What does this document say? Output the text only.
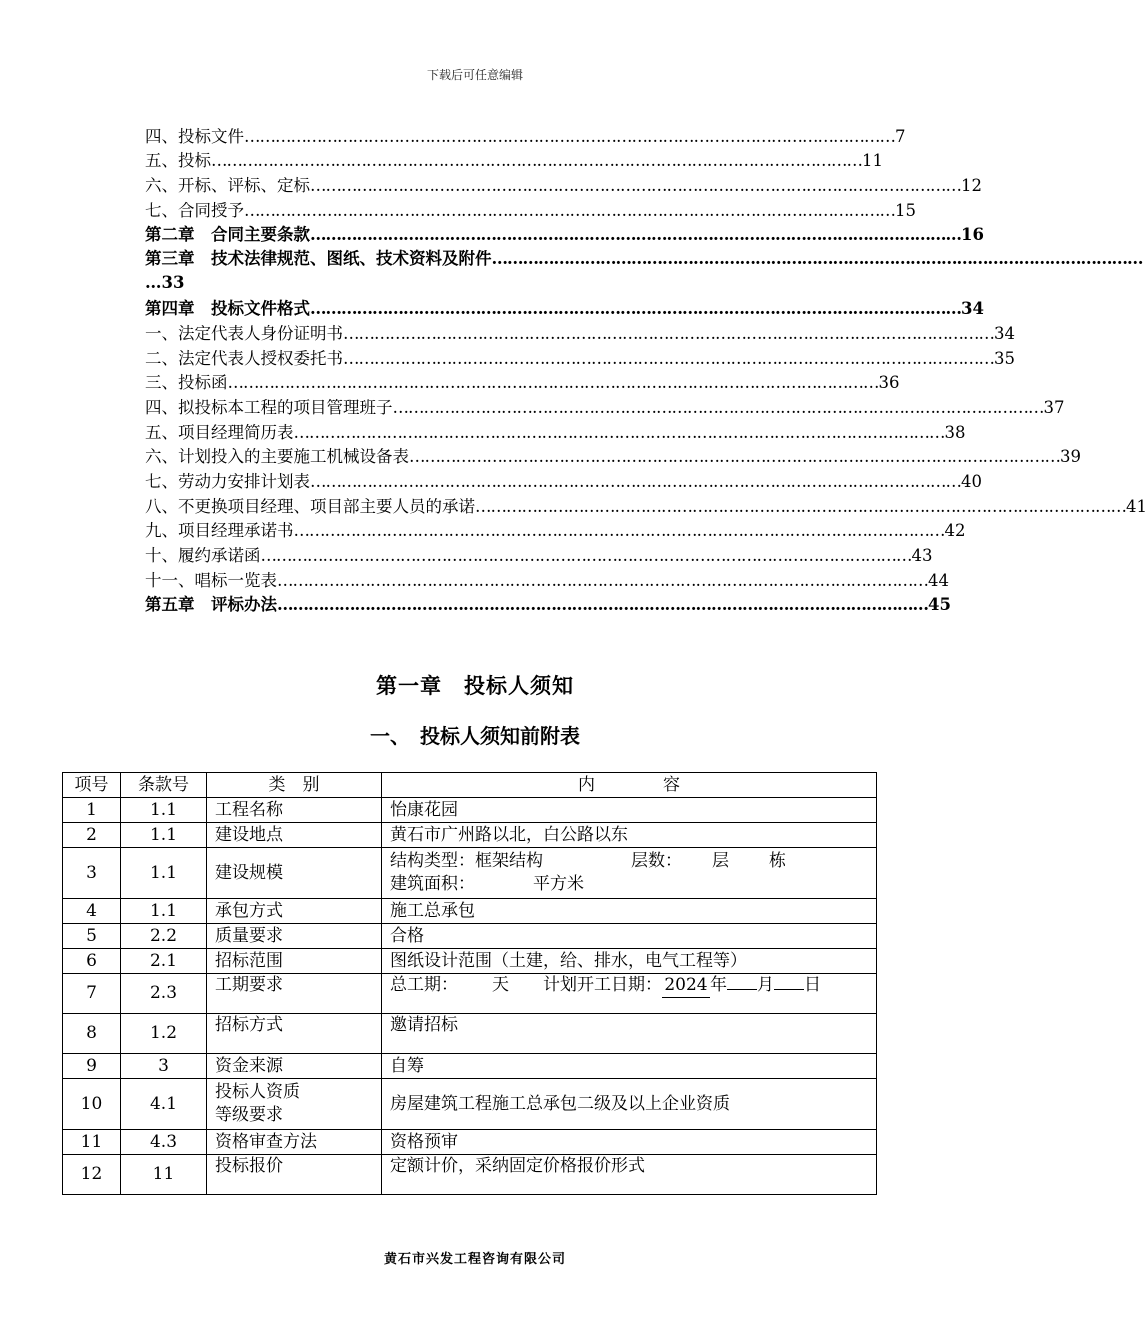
下载后可任意编辑
四、投标文件 ……………………………………………………………………………………………………………… 7
五、投标 ……………………………………………………………………………………………………………… 11
六、开标、评标、定标 ……………………………………………………………………………………………………………… 12
七、合同授予 ……………………………………………………………………………………………………………… 15
第二章　合同主要条款 ……………………………………………………………………………………………………………… 16
第三章　技术法律规范、图纸、技术资料及附件 ………………………………………………………………………………………………………………
…33
第四章　投标文件格式 ……………………………………………………………………………………………………………… 34
一、法定代表人身份证明书 ……………………………………………………………………………………………………………… 34
二、法定代表人授权委托书 ……………………………………………………………………………………………………………… 35
三、投标函 ……………………………………………………………………………………………………………… 36
四、拟投标本工程的项目管理班子 ……………………………………………………………………………………………………………… 37
五、项目经理简历表 ……………………………………………………………………………………………………………… 38
六、计划投入的主要施工机械设备表 ……………………………………………………………………………………………………………… 39
七、劳动力安排计划表 ……………………………………………………………………………………………………………… 40
八、不更换项目经理、项目部主要人员的承诺 ……………………………………………………………………………………………………………… 41
九、项目经理承诺书 ……………………………………………………………………………………………………………… 42
十、履约承诺函 ……………………………………………………………………………………………………………… 43
十一、唱标一览表 ……………………………………………………………………………………………………………… 44
第五章　评标办法 ……………………………………………………………………………………………………………… 45
第一章　投标人须知
一、　投标人须知前附表
项号	条款号	类　别	内　　　　容
1	1.1	工程名称	怡康花园
2	1.1	建设地点	黄石市广州路以北，白公路以东
3	1.1	建设规模	结构类型：框架结构 层数： 层 栋
建筑面积： 平方米

4	1.1	承包方式	施工总承包
5	2.2	质量要求	合格
6	2.1	招标范围	图纸设计范围（土建，给、排水，电气工程等）
7	2.3	工期要求	总工期： 天 计划开工日期： 2024 年 月 日
8	1.2	招标方式	邀请招标
9	3	资金来源	自筹
10	4.1	投标人资质
等级要求	房屋建筑工程施工总承包二级及以上企业资质
11	4.3	资格审查方法	资格预审
12	11	投标报价	定额计价，采纳固定价格报价形式
黄石市兴发工程咨询有限公司
